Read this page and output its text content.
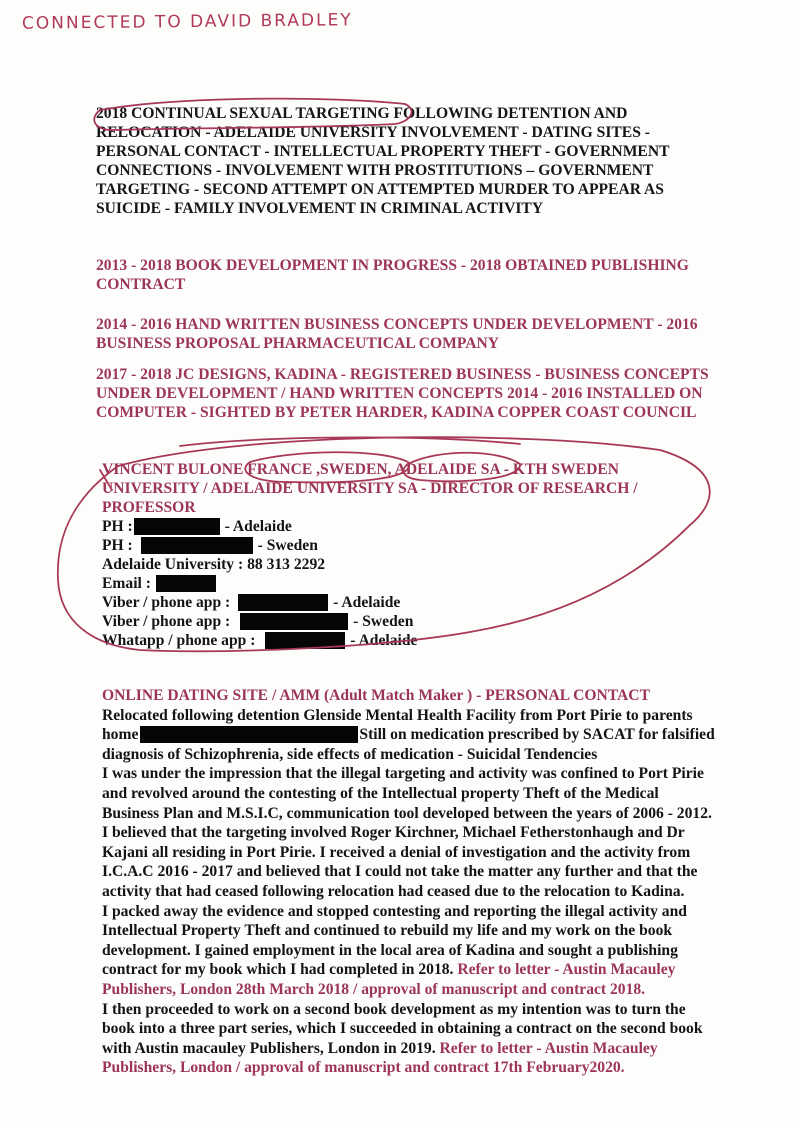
CONNECTED TO DAVID BRADLEY
2018 CONTINUAL SEXUAL TARGETING FOLLOWING DETENTION AND
RELOCATION - ADELAIDE UNIVERSITY INVOLVEMENT - DATING SITES -
PERSONAL CONTACT - INTELLECTUAL PROPERTY THEFT - GOVERNMENT
CONNECTIONS - INVOLVEMENT WITH PROSTITUTIONS – GOVERNMENT
TARGETING - SECOND ATTEMPT ON ATTEMPTED MURDER TO APPEAR AS
SUICIDE - FAMILY INVOLVEMENT IN CRIMINAL ACTIVITY
2013 - 2018 BOOK DEVELOPMENT IN PROGRESS - 2018 OBTAINED PUBLISHING
CONTRACT
2014 - 2016 HAND WRITTEN BUSINESS CONCEPTS UNDER DEVELOPMENT - 2016
BUSINESS PROPOSAL PHARMACEUTICAL COMPANY
2017 - 2018 JC DESIGNS, KADINA - REGISTERED BUSINESS - BUSINESS CONCEPTS
UNDER DEVELOPMENT / HAND WRITTEN CONCEPTS 2014 - 2016 INSTALLED ON
COMPUTER - SIGHTED BY PETER HARDER, KADINA COPPER COAST COUNCIL
VINCENT BULONE FRANCE ,SWEDEN, ADELAIDE SA - KTH SWEDEN
UNIVERSITY / ADELAIDE UNIVERSITY SA - DIRECTOR OF RESEARCH /
PROFESSOR
PH :	- Adelaide
PH :	- Sweden
Adelaide University : 88 313 2292
Email :
Viber / phone app :	- Adelaide
Viber / phone app :	- Sweden
Whatapp / phone app :	- Adelaide
ONLINE DATING SITE / AMM (Adult Match Maker ) - PERSONAL CONTACT
Relocated following detention Glenside Mental Health Facility from Port Pirie to parents
home	Still on medication prescribed by SACAT for falsified
diagnosis of Schizophrenia, side effects of medication - Suicidal Tendencies
I was under the impression that the illegal targeting and activity was confined to Port Pirie
and revolved around the contesting of the Intellectual property Theft of the Medical
Business Plan and M.S.I.C, communication tool developed between the years of 2006 - 2012.
I believed that the targeting involved Roger Kirchner, Michael Fetherstonhaugh and Dr
Kajani all residing in Port Pirie. I received a denial of investigation and the activity from
I.C.A.C 2016 - 2017 and believed that I could not take the matter any further and that the
activity that had ceased following relocation had ceased due to the relocation to Kadina.
I packed away the evidence and stopped contesting and reporting the illegal activity and
Intellectual Property Theft and continued to rebuild my life and my work on the book
development. I gained employment in the local area of Kadina and sought a publishing
contract for my book which I had completed in 2018. Refer to letter - Austin Macauley
Publishers, London 28th March 2018 / approval of manuscript and contract 2018.
I then proceeded to work on a second book development as my intention was to turn the
book into a three part series, which I succeeded in obtaining a contract on the second book
with Austin macauley Publishers, London in 2019. Refer to letter - Austin Macauley
Publishers, London / approval of manuscript and contract 17th February2020.
